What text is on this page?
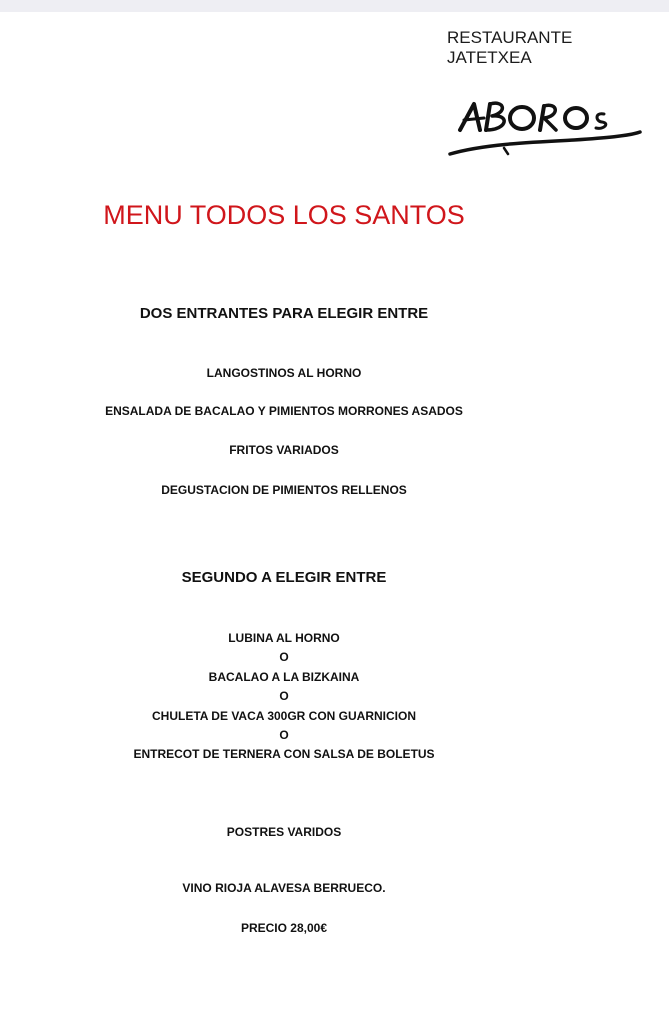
RESTAURANTE
JATETXEA
MENU TODOS LOS SANTOS
DOS ENTRANTES PARA ELEGIR ENTRE
LANGOSTINOS AL HORNO
ENSALADA DE BACALAO Y PIMIENTOS MORRONES ASADOS
FRITOS VARIADOS
DEGUSTACION DE PIMIENTOS RELLENOS
SEGUNDO A ELEGIR ENTRE
LUBINA AL HORNO
O
BACALAO A LA BIZKAINA
O
CHULETA DE VACA 300GR CON GUARNICION
O
ENTRECOT DE TERNERA CON SALSA DE BOLETUS
POSTRES VARIDOS
VINO RIOJA ALAVESA BERRUECO.
PRECIO 28,00€
